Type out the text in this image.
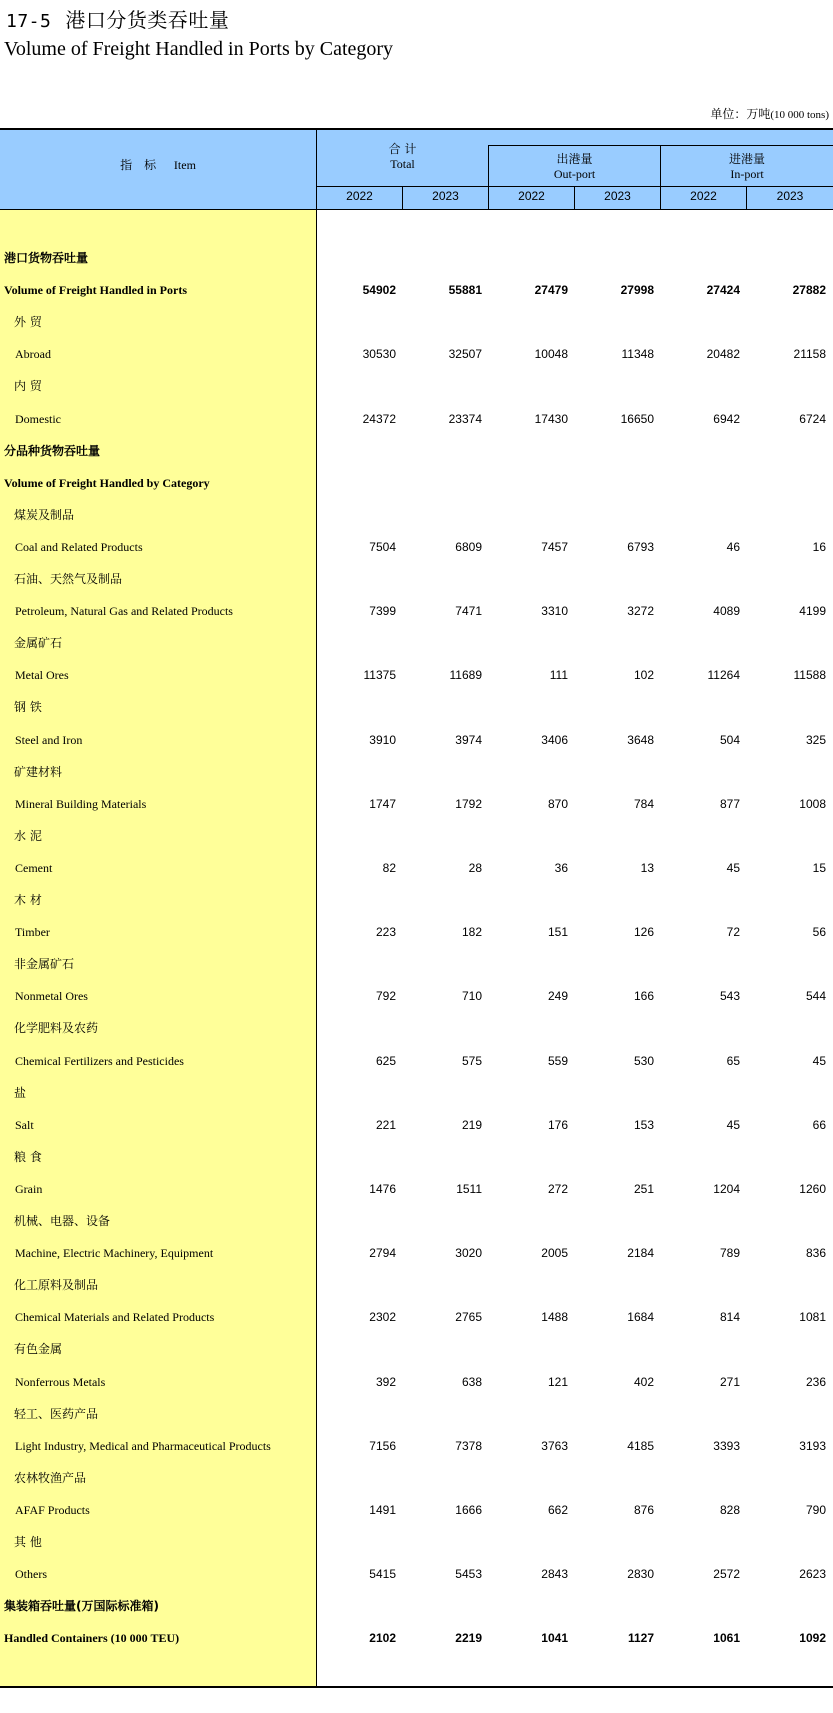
17-5 港口分货类吞吐量
Volume of Freight Handled in Ports by Category
单位：万吨(10 000 tons)
指　标 Item
合 计
Total	出港量
Out-port
进港量
In-port
2022	2023	2022	2023	2022	2023
港口货物吞吐量
Volume of Freight Handled in Ports	54902	55881	27479	27998	27424	27882
外 贸
Abroad	30530	32507	10048	11348	20482	21158
内 贸
Domestic	24372	23374	17430	16650	6942	6724
分品种货物吞吐量
Volume of Freight Handled by Category
煤炭及制品
Coal and Related Products	7504	6809	7457	6793	46	16
石油、天然气及制品
Petroleum, Natural Gas and Related Products	7399	7471	3310	3272	4089	4199
金属矿石
Metal Ores	11375	11689	111	102	11264	11588
钢 铁
Steel and Iron	3910	3974	3406	3648	504	325
矿建材料
Mineral Building Materials	1747	1792	870	784	877	1008
水 泥
Cement	82	28	36	13	45	15
木 材
Timber	223	182	151	126	72	56
非金属矿石
Nonmetal Ores	792	710	249	166	543	544
化学肥料及农药
Chemical Fertilizers and Pesticides	625	575	559	530	65	45
盐
Salt	221	219	176	153	45	66
粮 食
Grain	1476	1511	272	251	1204	1260
机械、电器、设备
Machine, Electric Machinery, Equipment	2794	3020	2005	2184	789	836
化工原料及制品
Chemical Materials and Related Products	2302	2765	1488	1684	814	1081
有色金属
Nonferrous Metals	392	638	121	402	271	236
轻工、医药产品
Light Industry, Medical and Pharmaceutical Products	7156	7378	3763	4185	3393	3193
农林牧渔产品
AFAF Products	1491	1666	662	876	828	790
其 他
Others	5415	5453	2843	2830	2572	2623
集装箱吞吐量(万国际标准箱)
Handled Containers (10 000 TEU)	2102	2219	1041	1127	1061	1092
